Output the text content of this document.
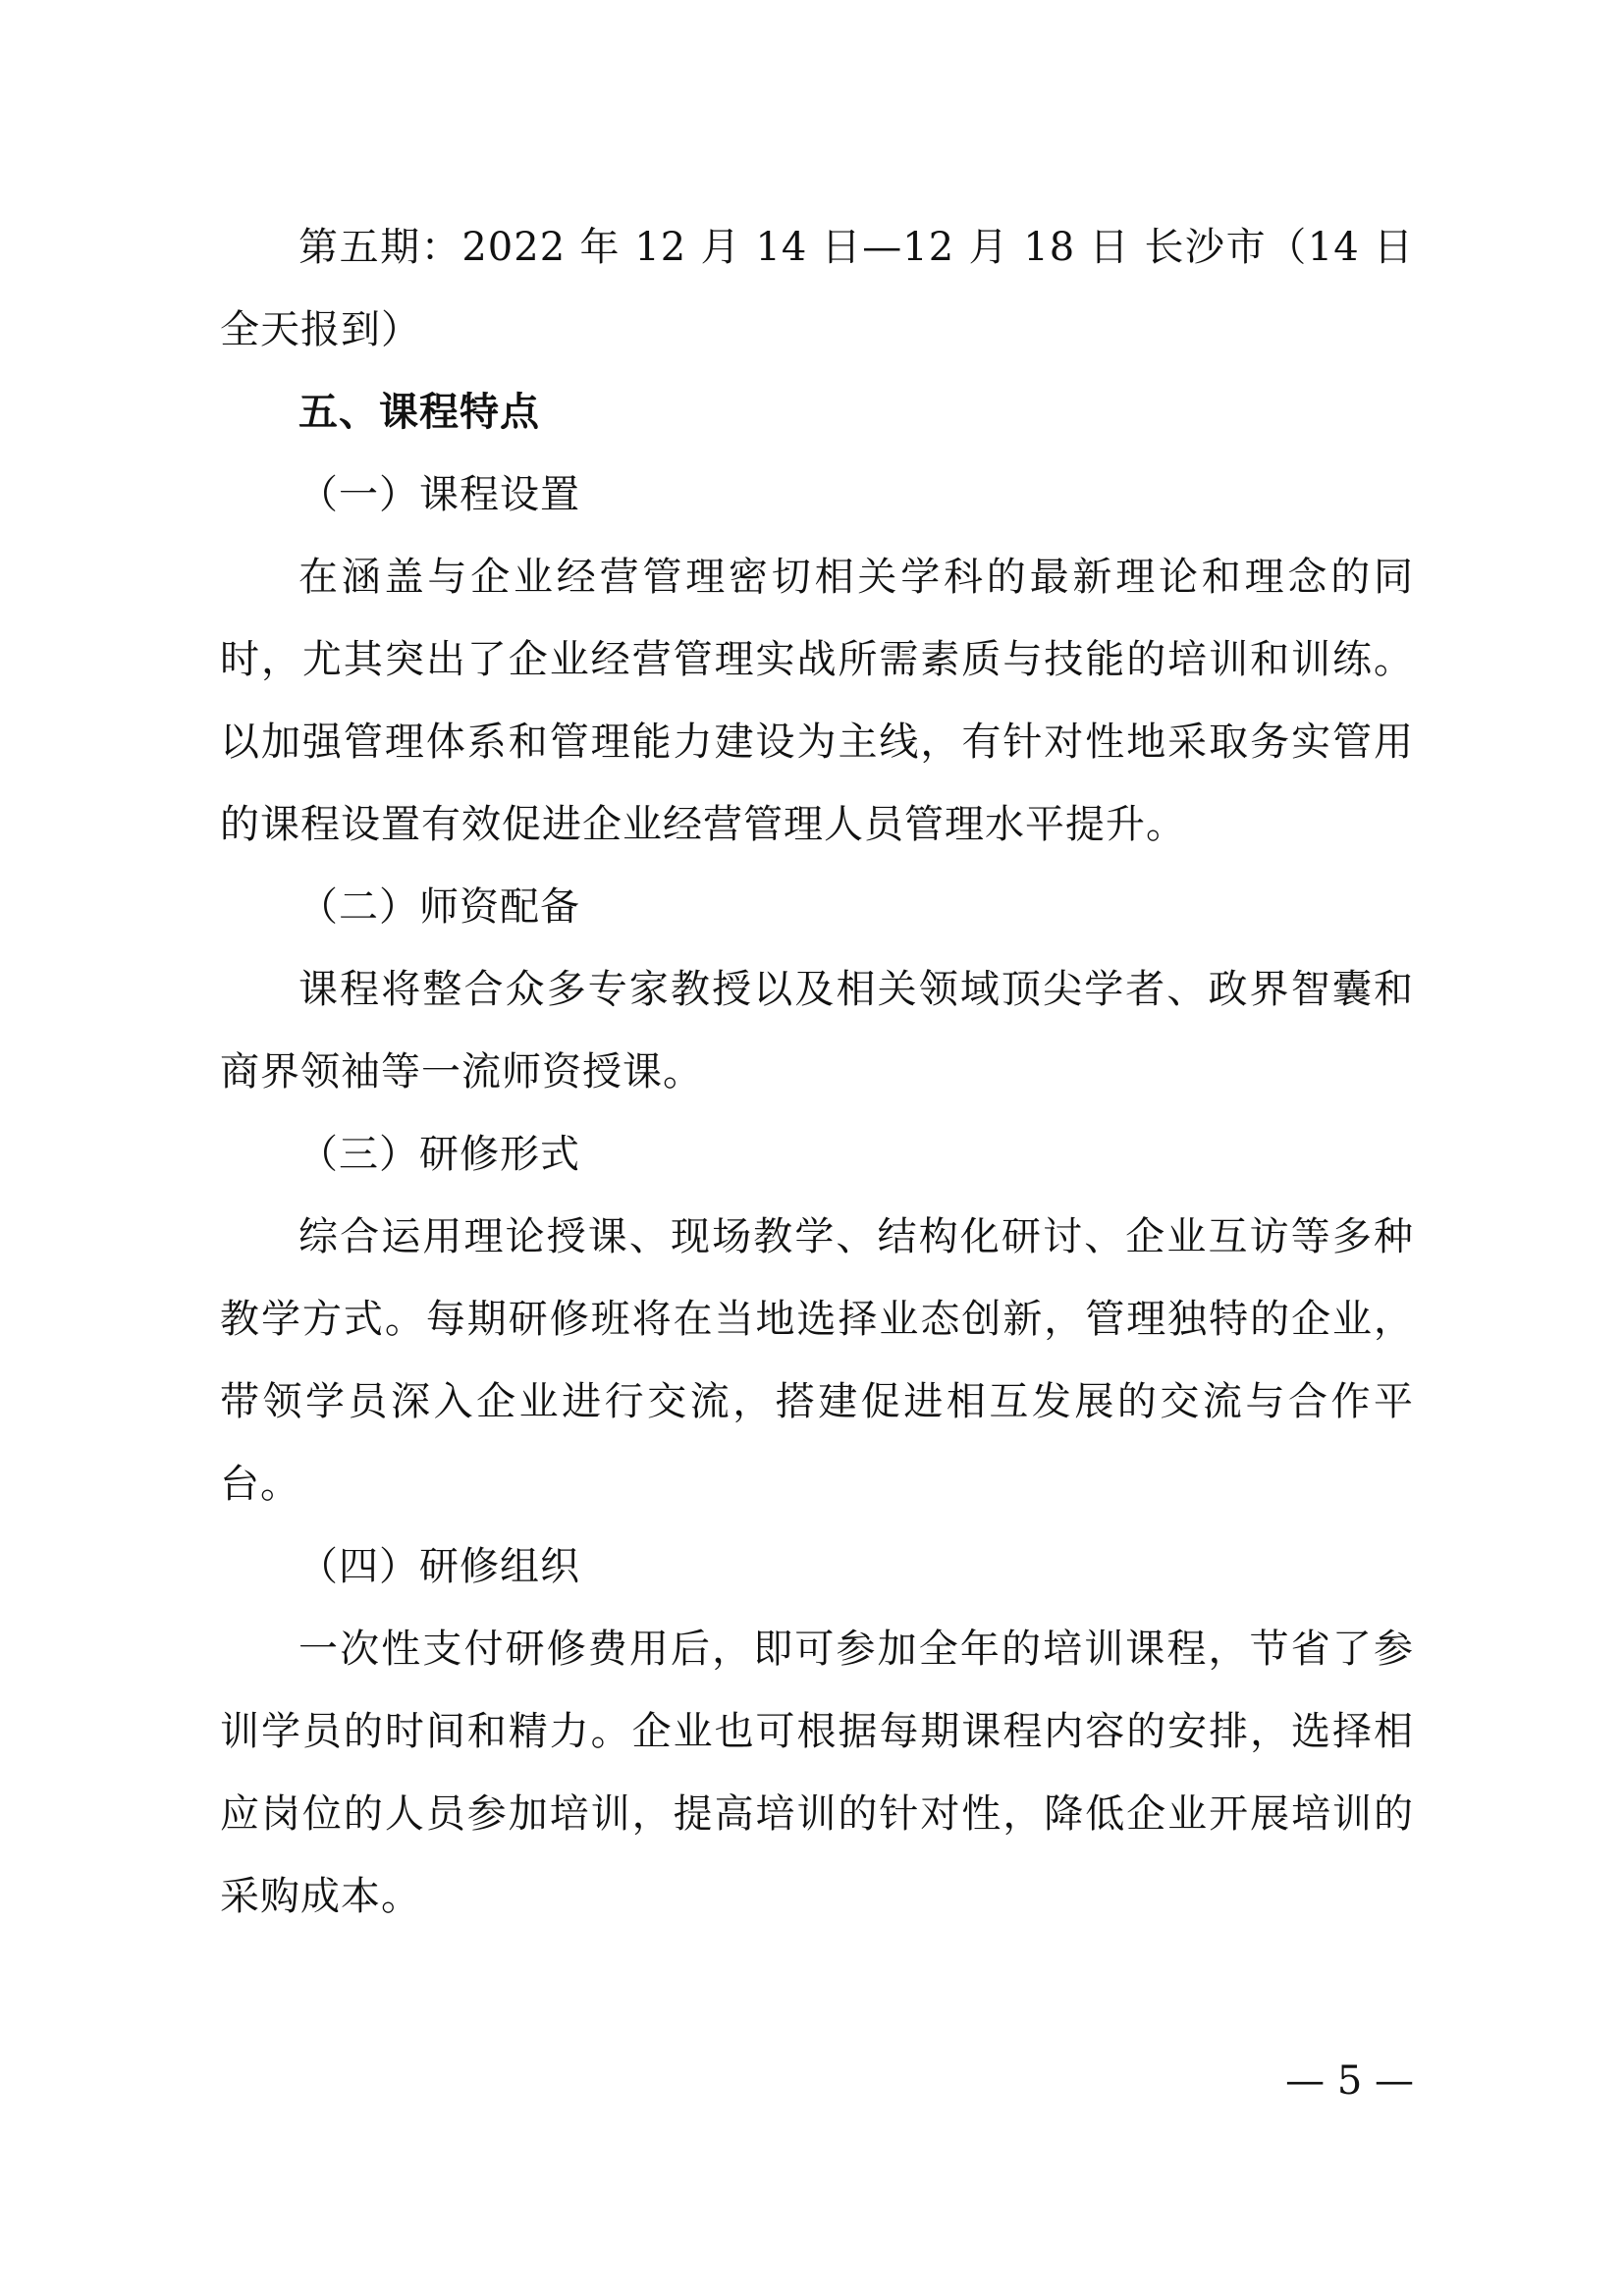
第五期：2022 年 12 月 14 日—12 月 18 日 长沙市（14 日全天报到）

五、课程特点

（一）课程设置

在涵盖与企业经营管理密切相关学科的最新理论和理念的同时，尤其突出了企业经营管理实战所需素质与技能的培训和训练。以加强管理体系和管理能力建设为主线，有针对性地采取务实管用的课程设置有效促进企业经营管理人员管理水平提升。

（二）师资配备

课程将整合众多专家教授以及相关领域顶尖学者、政界智囊和商界领袖等一流师资授课。

（三）研修形式

综合运用理论授课、现场教学、结构化研讨、企业互访等多种教学方式。每期研修班将在当地选择业态创新，管理独特的企业，带领学员深入企业进行交流，搭建促进相互发展的交流与合作平台。

（四）研修组织

一次性支付研修费用后，即可参加全年的培训课程，节省了参训学员的时间和精力。企业也可根据每期课程内容的安排，选择相应岗位的人员参加培训，提高培训的针对性，降低企业开展培训的采购成本。

— 5 —
